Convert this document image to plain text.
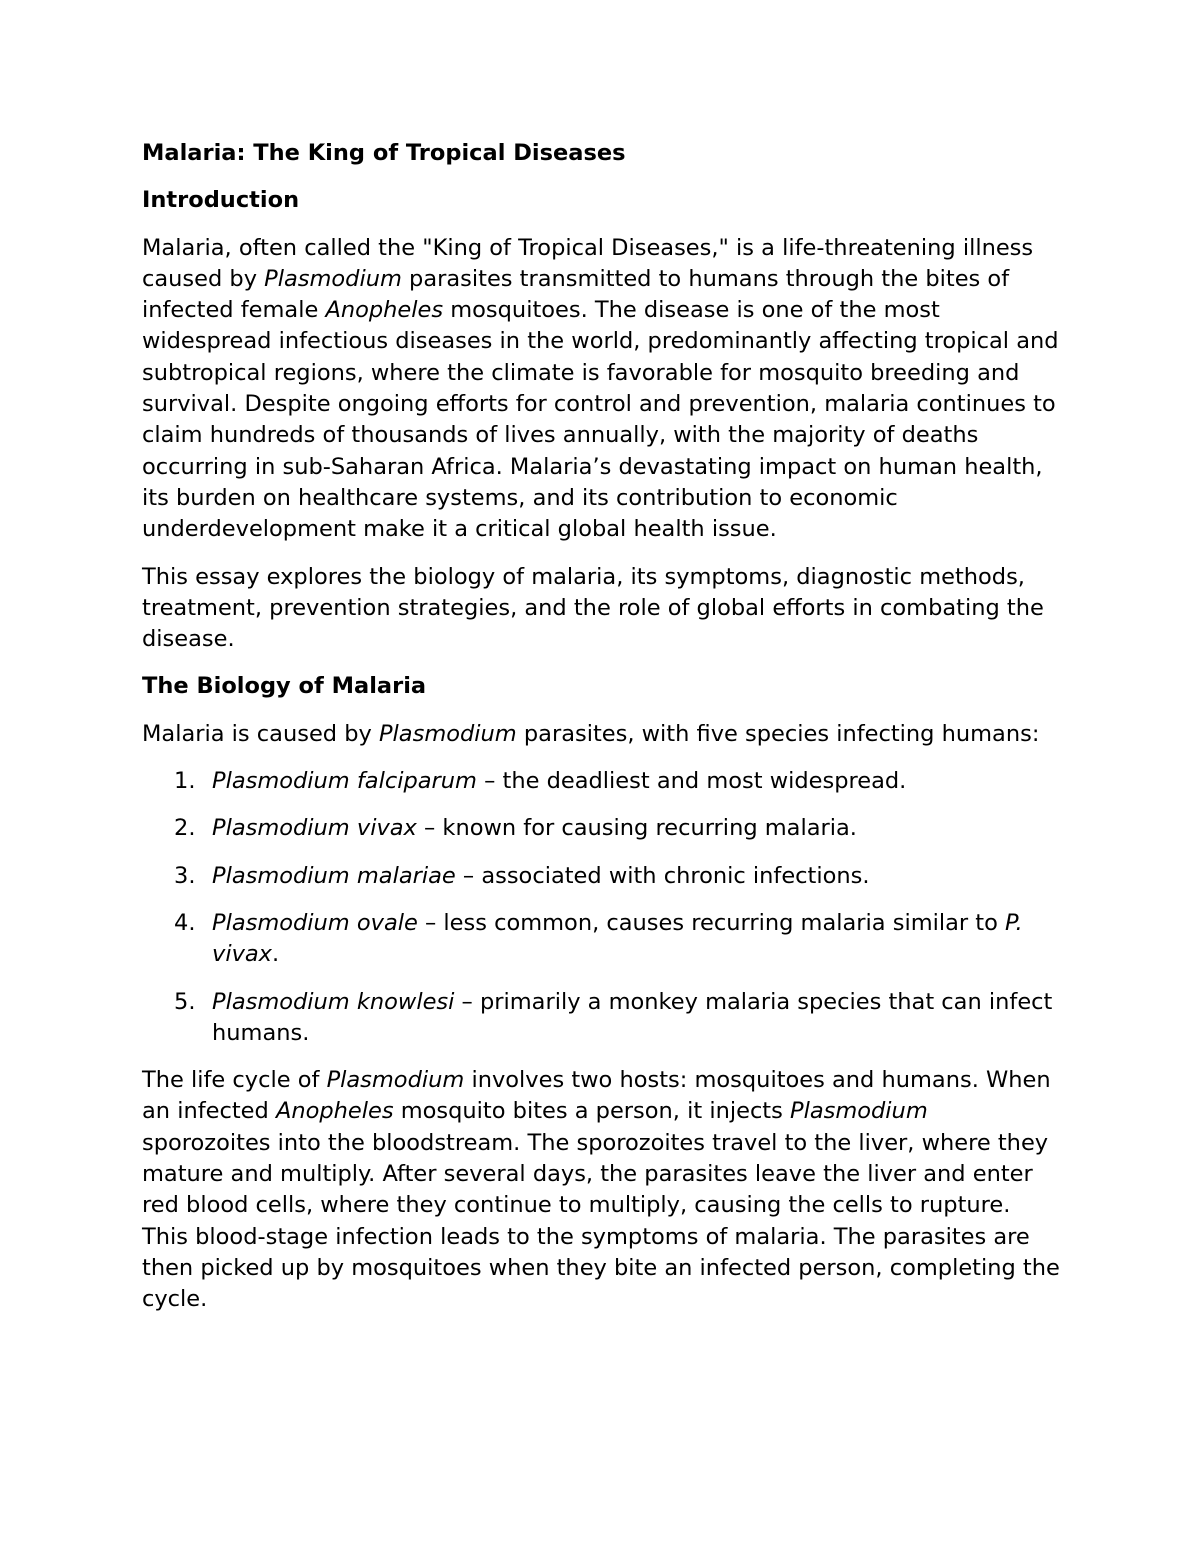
Malaria: The King of Tropical Diseases
Introduction

Malaria, often called the "King of Tropical Diseases," is a life-threatening illness caused by Plasmodium parasites transmitted to humans through the bites of infected female Anopheles mosquitoes. The disease is one of the most widespread infectious diseases in the world, predominantly affecting tropical and subtropical regions, where the climate is favorable for mosquito breeding and survival. Despite ongoing efforts for control and prevention, malaria continues to claim hundreds of thousands of lives annually, with the majority of deaths occurring in sub-Saharan Africa. Malaria’s devastating impact on human health, its burden on healthcare systems, and its contribution to economic underdevelopment make it a critical global health issue.

This essay explores the biology of malaria, its symptoms, diagnostic methods, treatment, prevention strategies, and the role of global efforts in combating the disease.

The Biology of Malaria

Malaria is caused by Plasmodium parasites, with five species infecting humans:

1. Plasmodium falciparum – the deadliest and most widespread.
2. Plasmodium vivax – known for causing recurring malaria.
3. Plasmodium malariae – associated with chronic infections.
4. Plasmodium ovale – less common, causes recurring malaria similar to P. vivax.
5. Plasmodium knowlesi – primarily a monkey malaria species that can infect humans.

The life cycle of Plasmodium involves two hosts: mosquitoes and humans. When an infected Anopheles mosquito bites a person, it injects Plasmodium sporozoites into the bloodstream. The sporozoites travel to the liver, where they mature and multiply. After several days, the parasites leave the liver and enter red blood cells, where they continue to multiply, causing the cells to rupture. This blood-stage infection leads to the symptoms of malaria. The parasites are then picked up by mosquitoes when they bite an infected person, completing the cycle.
